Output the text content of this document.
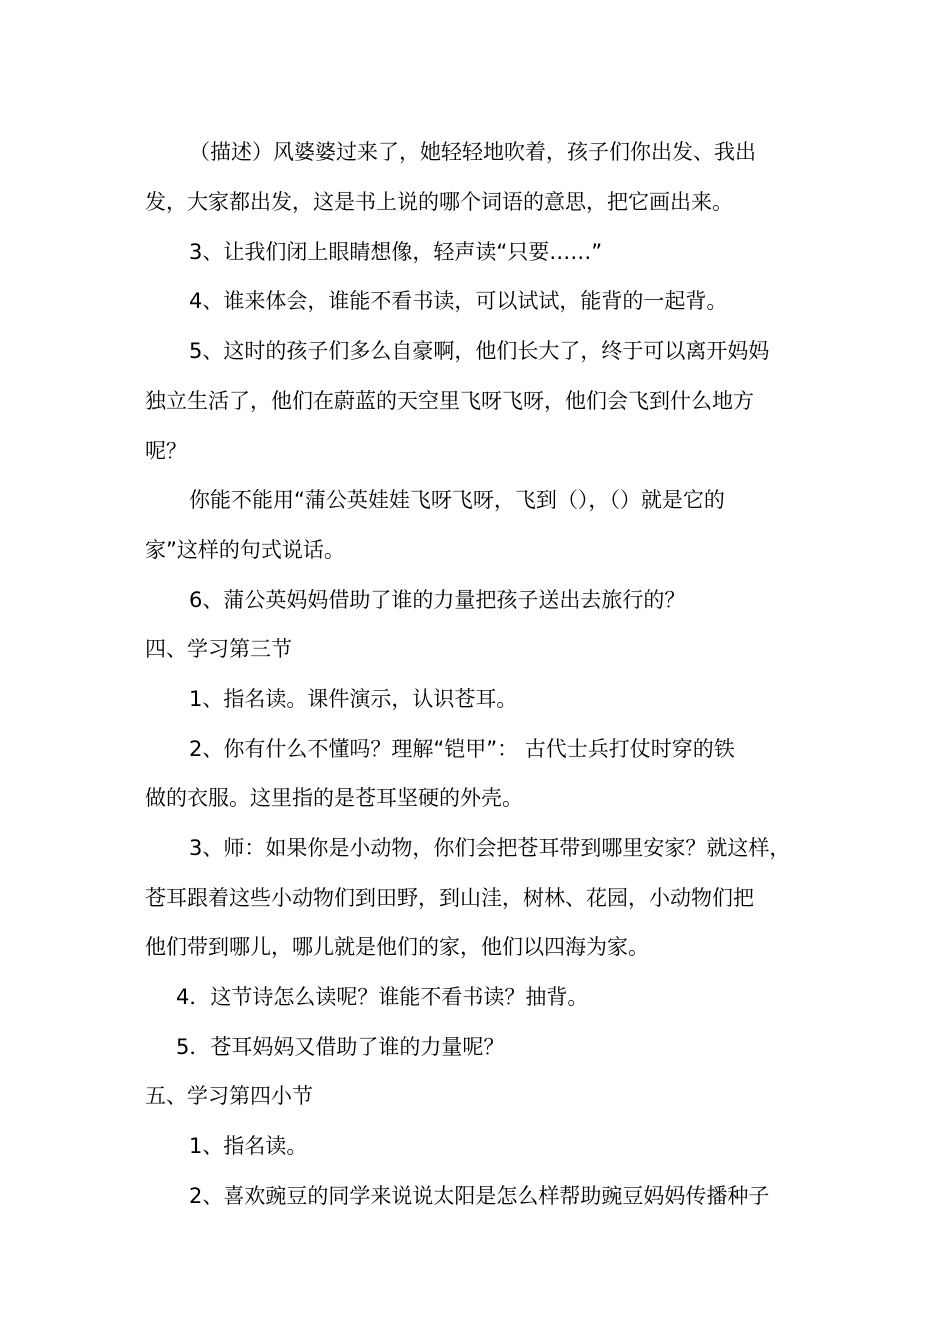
（描述）风婆婆过来了，她轻轻地吹着，孩子们你出发、我出
发，大家都出发，这是书上说的哪个词语的意思，把它画出来。
3、让我们闭上眼睛想像，轻声读“只要……”
4、谁来体会，谁能不看书读，可以试试，能背的一起背。
5、这时的孩子们多么自豪啊，他们长大了，终于可以离开妈妈
独立生活了，他们在蔚蓝的天空里飞呀飞呀，他们会飞到什么地方
呢？
你能不能用“蒲公英娃娃飞呀飞呀，飞到（），（）就是它的
家”这样的句式说话。
6、蒲公英妈妈借助了谁的力量把孩子送出去旅行的？
四、学习第三节
1、指名读。课件演示，认识苍耳。
2、你有什么不懂吗？理解“铠甲”： 古代士兵打仗时穿的铁
做的衣服。这里指的是苍耳坚硬的外壳。
3、师：如果你是小动物，你们会把苍耳带到哪里安家？就这样，
苍耳跟着这些小动物们到田野，到山洼，树林、花园，小动物们把
他们带到哪儿，哪儿就是他们的家，他们以四海为家。
4．这节诗怎么读呢？谁能不看书读？抽背。
5．苍耳妈妈又借助了谁的力量呢？
五、学习第四小节
1、指名读。
2、喜欢豌豆的同学来说说太阳是怎么样帮助豌豆妈妈传播种子
